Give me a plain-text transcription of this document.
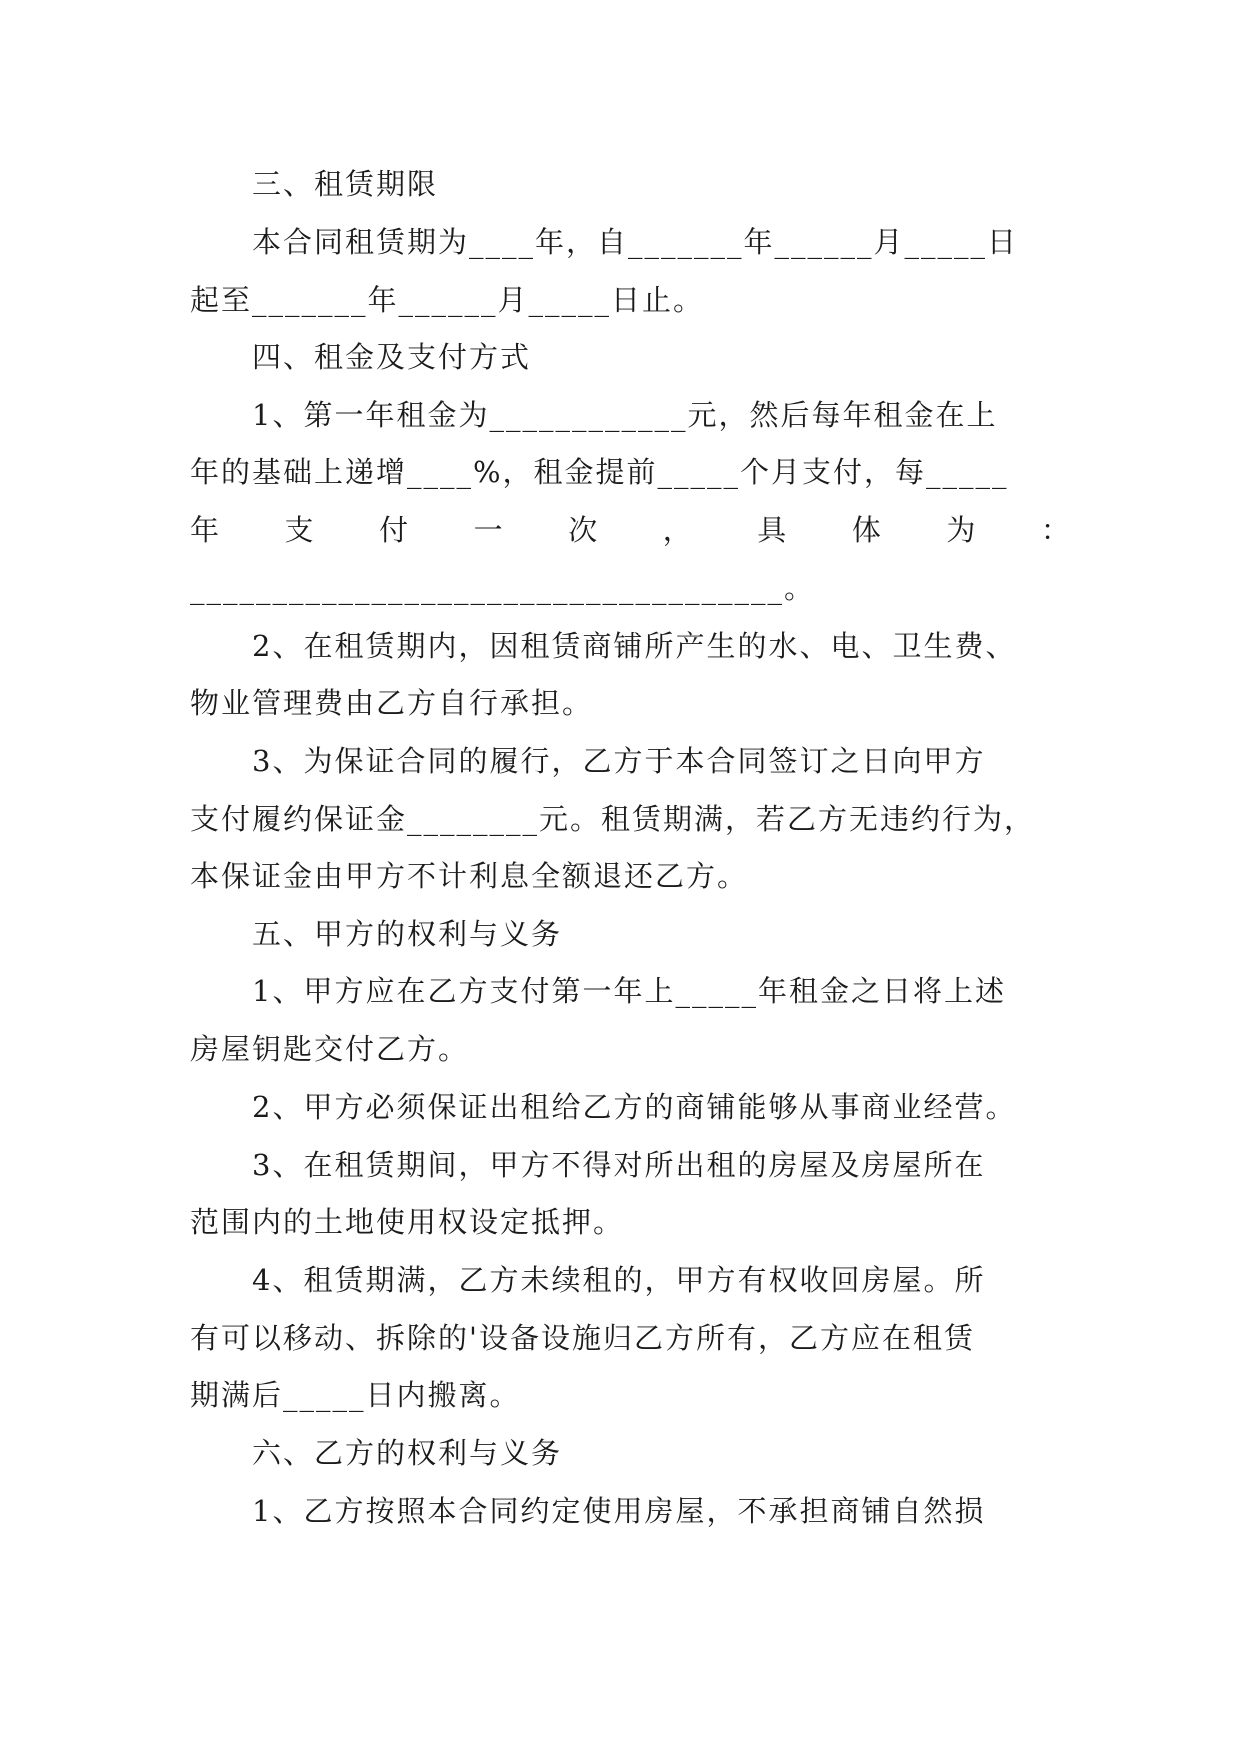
三、租赁期限
本合同租赁期为____年，自_______年______月_____日
起至_______年______月_____日止。
四、租金及支付方式
1、第一年租金为____________元，然后每年租金在上
年的基础上递增____%，租金提前_____个月支付，每_____
年 支 付 一 次 ， 具 体 为 ：
____________________________________。
2、在租赁期内，因租赁商铺所产生的水、电、卫生费、
物业管理费由乙方自行承担。
3、为保证合同的履行，乙方于本合同签订之日向甲方
支付履约保证金________元。租赁期满，若乙方无违约行为，
本保证金由甲方不计利息全额退还乙方。
五、甲方的权利与义务
1、甲方应在乙方支付第一年上_____年租金之日将上述
房屋钥匙交付乙方。
2、甲方必须保证出租给乙方的商铺能够从事商业经营。
3、在租赁期间，甲方不得对所出租的房屋及房屋所在
范围内的土地使用权设定抵押。
4、租赁期满，乙方未续租的，甲方有权收回房屋。所
有可以移动、拆除的'设备设施归乙方所有，乙方应在租赁
期满后_____日内搬离。
六、乙方的权利与义务
1、乙方按照本合同约定使用房屋，不承担商铺自然损
